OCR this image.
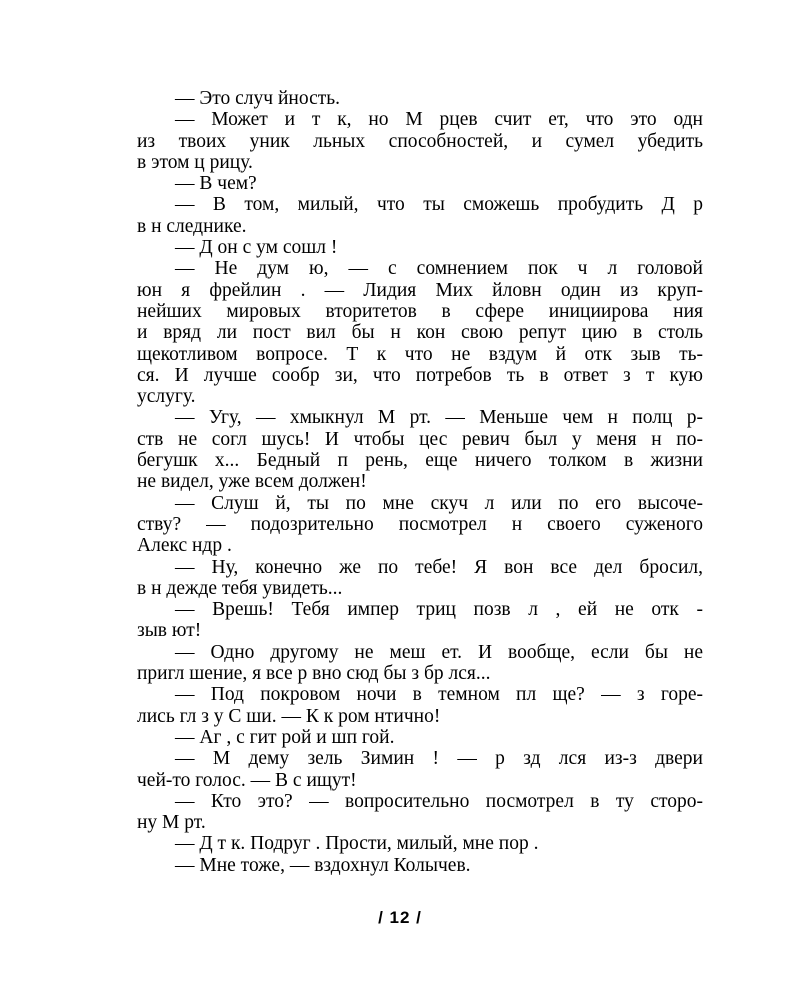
— Это случ йность.
— Может и т к, но М рцев счит ет, что это одн
из твоих уник льных способностей, и сумел убедить
в этом ц рицу.
— В чем?
— В том, милый, что ты сможешь пробудить Д р
в н следнике.
— Д он с ум сошл !
— Не дум ю, — с сомнением пок ч л головой
юн я фрейлин . — Лидия Мих йловн один из круп-
нейших мировых вторитетов в сфере инициирова ния
и вряд ли пост вил бы н кон свою репут цию в столь
щекотливом вопросе. Т к что не вздум й отк зыв ть-
ся. И лучше сообр зи, что потребов ть в ответ з т кую
услугу.
— Угу, — хмыкнул М рт. — Меньше чем н полц р-
ств не согл шусь! И чтобы цес ревич был у меня н по-
бегушк х... Бедный п рень, еще ничего толком в жизни
не видел, уже всем должен!
— Слуш й, ты по мне скуч л или по его высоче-
ству? — подозрительно посмотрел н своего суженого
Алекс ндр .
— Ну, конечно же по тебе! Я вон все дел бросил,
в н дежде тебя увидеть...
— Врешь! Тебя импер триц позв л , ей не отк -
зыв ют!
— Одно другому не меш ет. И вообще, если бы не
пригл шение, я все р вно сюд бы з бр лся...
— Под покровом ночи в темном пл ще? — з горе-
лись гл з у С ши. — К к ром нтично!
— Аг , с гит рой и шп гой.
— М дему зель Зимин ! — р зд лся из-з двери
чей-то голос. — В с ищут!
— Кто это? — вопросительно посмотрел в ту сторо-
ну М рт.
— Д т к. Подруг . Прости, милый, мне пор .
— Мне тоже, — вздохнул Колычев.
/ 12 /
